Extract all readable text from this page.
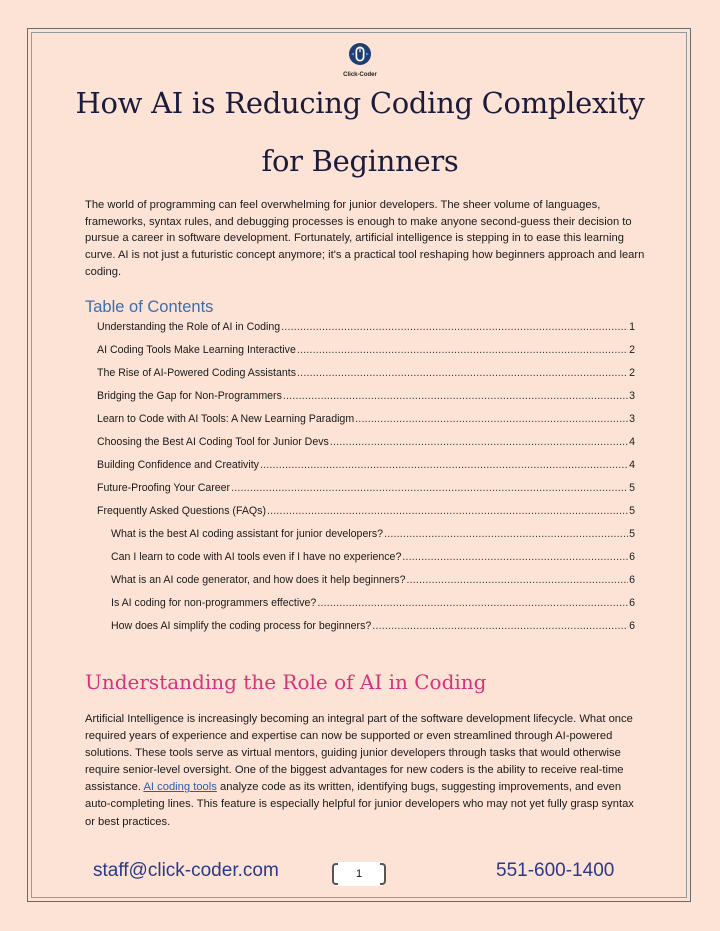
Click-Coder
How AI is Reducing Coding Complexity
for Beginners
The world of programming can feel overwhelming for junior developers. The sheer volume of languages, frameworks, syntax rules, and debugging processes is enough to make anyone second-guess their decision to pursue a career in software development. Fortunately, artificial intelligence is stepping in to ease this learning curve. AI is not just a futuristic concept anymore; it's a practical tool reshaping how beginners approach and learn coding.
Table of Contents
Understanding the Role of AI in Coding .....	1
AI Coding Tools Make Learning Interactive .....	2
The Rise of AI-Powered Coding Assistants .....	2
Bridging the Gap for Non-Programmers .....	3
Learn to Code with AI Tools: A New Learning Paradigm .....	3
Choosing the Best AI Coding Tool for Junior Devs .....	4
Building Confidence and Creativity .....	4
Future-Proofing Your Career .....	5
Frequently Asked Questions (FAQs) .....	5
What is the best AI coding assistant for junior developers? .....	5
Can I learn to code with AI tools even if I have no experience? .....	6
What is an AI code generator, and how does it help beginners? .....	6
Is AI coding for non-programmers effective? .....	6
How does AI simplify the coding process for beginners? .....	6
Understanding the Role of AI in Coding
Artificial Intelligence is increasingly becoming an integral part of the software development lifecycle. What once required years of experience and expertise can now be supported or even streamlined through AI-powered solutions. These tools serve as virtual mentors, guiding junior developers through tasks that would otherwise require senior-level oversight. One of the biggest advantages for new coders is the ability to receive real-time assistance. AI coding tools analyze code as its written, identifying bugs, suggesting improvements, and even auto-completing lines. This feature is especially helpful for junior developers who may not yet fully grasp syntax or best practices.
staff@click-coder.com	1	551-600-1400
